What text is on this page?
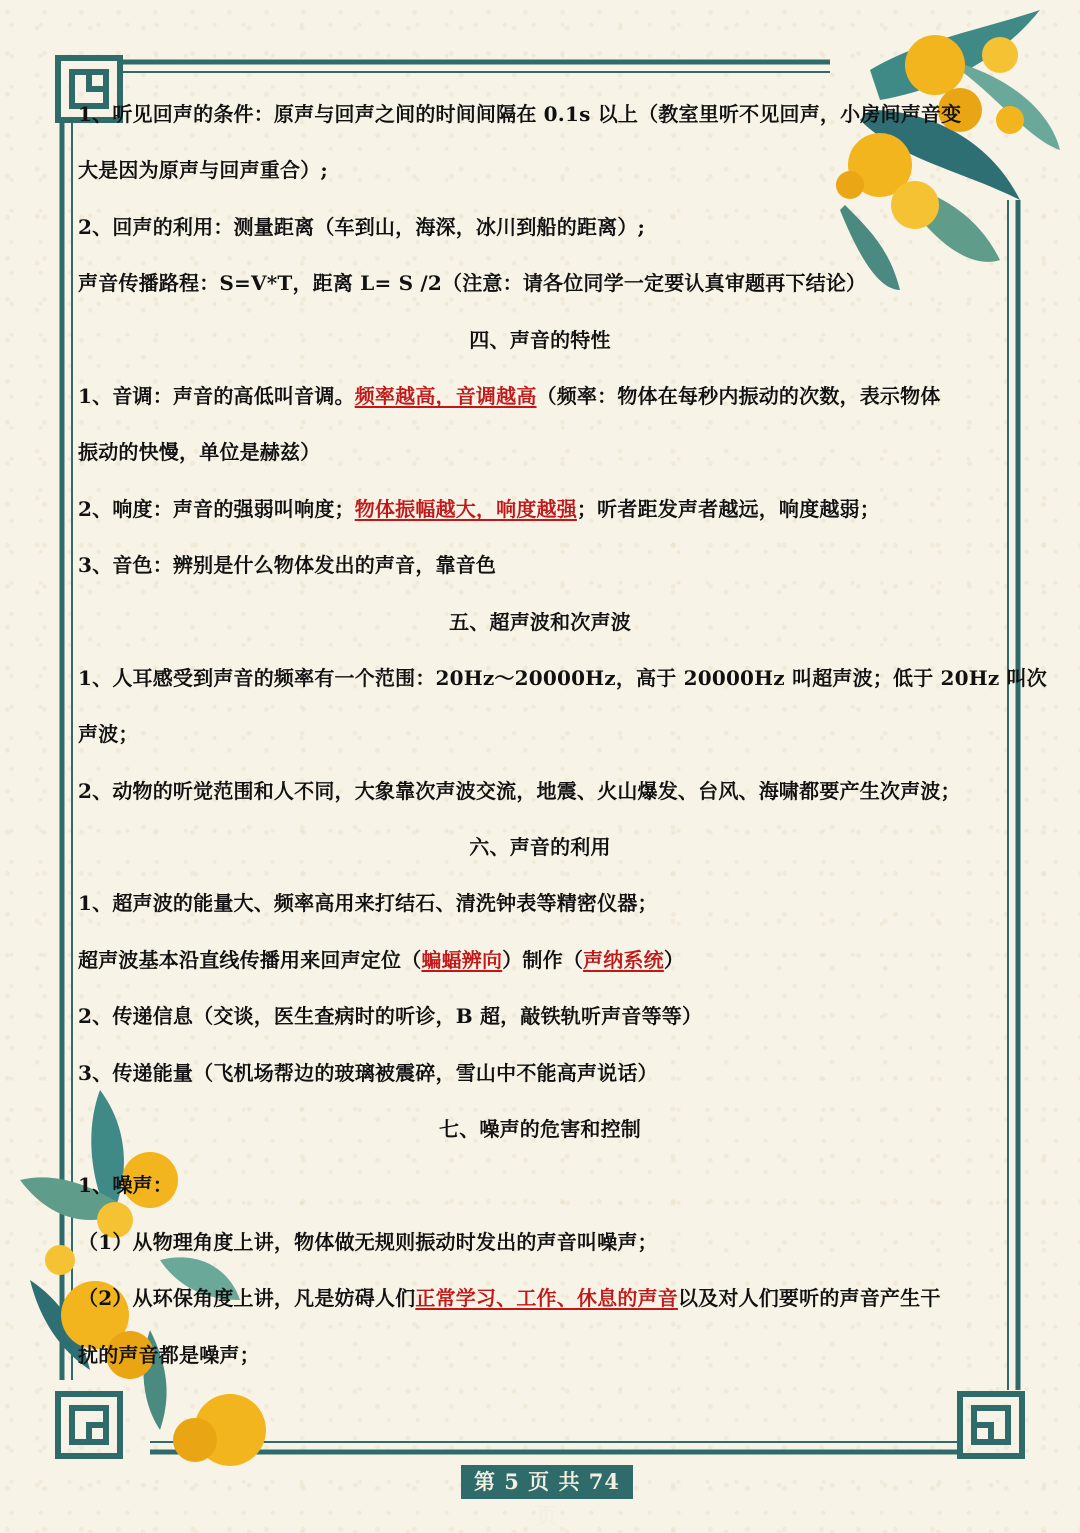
1、听见回声的条件：原声与回声之间的时间间隔在 0.1s 以上（教室里听不见回声，小房间声音变
大是因为原声与回声重合）;
2、回声的利用：测量距离（车到山，海深，冰川到船的距离）;
声音传播路程：S=V*T，距离 L= S /2（注意：请各位同学一定要认真审题再下结论）
四、声音的特性
1、音调：声音的高低叫音调。频率越高，音调越高（频率：物体在每秒内振动的次数，表示物体
振动的快慢，单位是赫兹）
2、响度：声音的强弱叫响度；物体振幅越大，响度越强；听者距发声者越远，响度越弱；
3、音色：辨别是什么物体发出的声音，靠音色
五、超声波和次声波
1、人耳感受到声音的频率有一个范围：20Hz～20000Hz，高于 20000Hz 叫超声波；低于 20Hz 叫次
声波；
2、动物的听觉范围和人不同，大象靠次声波交流，地震、火山爆发、台风、海啸都要产生次声波；
六、声音的利用
1、超声波的能量大、频率高用来打结石、清洗钟表等精密仪器；
超声波基本沿直线传播用来回声定位（蝙蝠辨向）制作（声纳系统）
2、传递信息（交谈，医生查病时的听诊，B 超，敲铁轨听声音等等）
3、传递能量（飞机场帮边的玻璃被震碎，雪山中不能高声说话）
七、噪声的危害和控制
1、噪声：
（1）从物理角度上讲，物体做无规则振动时发出的声音叫噪声；
（2）从环保角度上讲，凡是妨碍人们正常学习、工作、休息的声音以及对人们要听的声音产生干
扰的声音都是噪声；
第 5 页 共 74 页
